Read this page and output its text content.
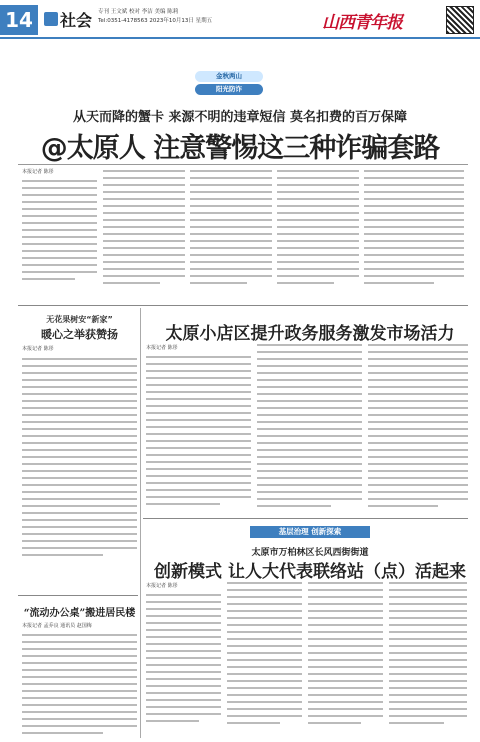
14	社会 专刊 王文斌 校对 李洁 美编 陈莉
Tel:0351-4178563 2023年10月13日 星期五	山西青年报
金秋两山
阳光防诈
从天而降的蟹卡 来源不明的违章短信 莫名扣费的百万保障
@太原人 注意警惕这三种诈骗套路
本报记者 陈彤
无花果树安“新家”
暖心之举获赞扬
本报记者 陈彤
“流动办公桌”搬进居民楼
本报记者 孟乔良 通讯员 赵国梅
太原小店区提升政务服务激发市场活力
本报记者 陈彤
基层治理 创新探索
太原市万柏林区长风西街街道
创新模式 让人大代表联络站（点）活起来
本报记者 陈彤
